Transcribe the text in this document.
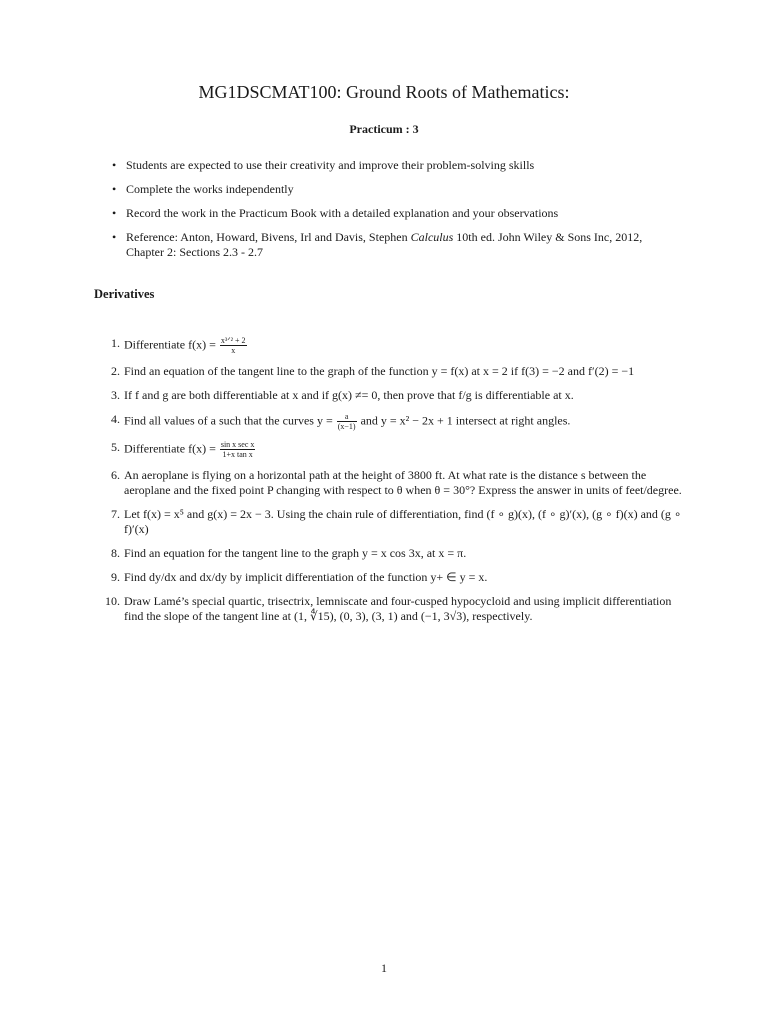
MG1DSCMAT100: Ground Roots of Mathematics:
Practicum : 3
• Students are expected to use their creativity and improve their problem-solving skills
• Complete the works independently
• Record the work in the Practicum Book with a detailed explanation and your observations
• Reference: Anton, Howard, Bivens, Irl and Davis, Stephen Calculus 10th ed. John Wiley & Sons Inc, 2012, Chapter 2: Sections 2.3 - 2.7
Derivatives
1. Differentiate $f(x) = \frac{\text{x³ᐟ² + 2}}{x}$
2. Find an equation of the tangent line to the graph of the function y = f(x) at x = 2 if f(3) = −2 and f′(2) = −1
3. If f and g are both differentiable at x and if g(x) ≠= 0, then prove that f/g is differentiable at x.
4. Find all values of a such that the curves $y = \frac{a}{(x-1)}$ and y = x² − 2x + 1 intersect at right angles.
5. Differentiate $f(x) = \frac{\text{sin x sec x}}{\text{1+x tan x}}$
6. An aeroplane is flying on a horizontal path at the height of 3800 ft. At what rate is the distance s between the aeroplane and the fixed point P changing with respect to θ when θ = 30°? Express the answer in units of feet/degree.
7. Let f(x) = x⁵ and g(x) = 2x − 3. Using the chain rule of differentiation, find (f ∘ g)(x), (f ∘ g)′(x), (g ∘ f)(x) and (g ∘ f)′(x)
8. Find an equation for the tangent line to the graph y = x cos 3x, at x = π.
9. Find dy/dx and dx/dy by implicit differentiation of the function y+ ∈ y = x.
10. Draw Lamé’s special quartic, trisectrix, lemniscate and four-cusped hypocycloid and using implicit differentiation find the slope of the tangent line at (1, ∜15), (0, 3), (3, 1) and (−1, 3√3), respectively.
1
